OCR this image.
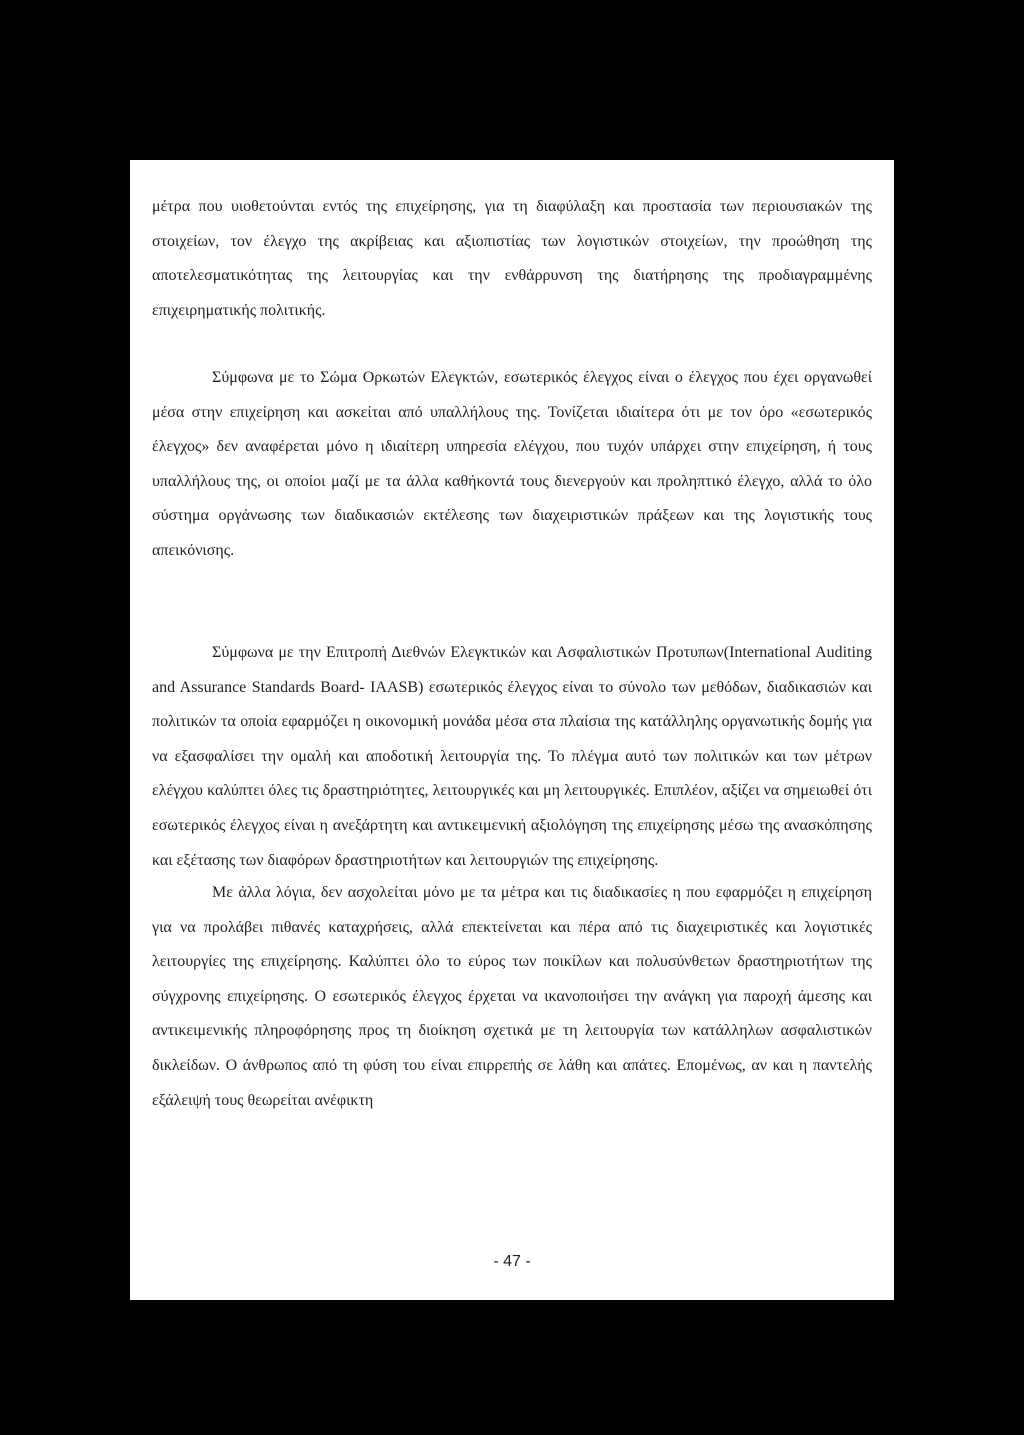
μέτρα που υιοθετούνται εντός της επιχείρησης, για τη διαφύλαξη και προστασία των περιουσιακών της στοιχείων, τον έλεγχο της ακρίβειας και αξιοπιστίας των λογιστικών στοιχείων, την προώθηση της αποτελεσματικότητας της λειτουργίας και την ενθάρρυνση της διατήρησης της προδιαγραμμένης επιχειρηματικής πολιτικής.

Σύμφωνα με το Σώμα Ορκωτών Ελεγκτών, εσωτερικός έλεγχος είναι ο έλεγχος που έχει οργανωθεί μέσα στην επιχείρηση και ασκείται από υπαλλήλους της. Τονίζεται ιδιαίτερα ότι με τον όρο «εσωτερικός έλεγχος» δεν αναφέρεται μόνο η ιδιαίτερη υπηρεσία ελέγχου, που τυχόν υπάρχει στην επιχείρηση, ή τους υπαλλήλους της, οι οποίοι μαζί με τα άλλα καθήκοντά τους διενεργούν και προληπτικό έλεγχο, αλλά το όλο σύστημα οργάνωσης των διαδικασιών εκτέλεσης των διαχειριστικών πράξεων και της λογιστικής τους απεικόνισης.

Σύμφωνα με την Επιτροπή Διεθνών Ελεγκτικών και Ασφαλιστικών Προτυπων(International Auditing and Assurance Standards Board- IAASB) εσωτερικός έλεγχος είναι το σύνολο των μεθόδων, διαδικασιών και πολιτικών τα οποία εφαρμόζει η οικονομική μονάδα μέσα στα πλαίσια της κατάλληλης οργανωτικής δομής για να εξασφαλίσει την ομαλή και αποδοτική λειτουργία της. Το πλέγμα αυτό των πολιτικών και των μέτρων ελέγχου καλύπτει όλες τις δραστηριότητες, λειτουργικές και μη λειτουργικές. Επιπλέον, αξίζει να σημειωθεί ότι εσωτερικός έλεγχος είναι η ανεξάρτητη και αντικειμενική αξιολόγηση της επιχείρησης μέσω της ανασκόπησης και εξέτασης των διαφόρων δραστηριοτήτων και λειτουργιών της επιχείρησης.

Με άλλα λόγια, δεν ασχολείται μόνο με τα μέτρα και τις διαδικασίες η που εφαρμόζει η επιχείρηση για να προλάβει πιθανές καταχρήσεις, αλλά επεκτείνεται και πέρα από τις διαχειριστικές και λογιστικές λειτουργίες της επιχείρησης. Καλύπτει όλο το εύρος των ποικίλων και πολυσύνθετων δραστηριοτήτων της σύγχρονης επιχείρησης. Ο εσωτερικός έλεγχος έρχεται να ικανοποιήσει την ανάγκη για παροχή άμεσης και αντικειμενικής πληροφόρησης προς τη διοίκηση σχετικά με τη λειτουργία των κατάλληλων ασφαλιστικών δικλείδων. Ο άνθρωπος από τη φύση του είναι επιρρεπής σε λάθη και απάτες. Επομένως, αν και η παντελής εξάλειψή τους θεωρείται ανέφικτη

- 47 -
